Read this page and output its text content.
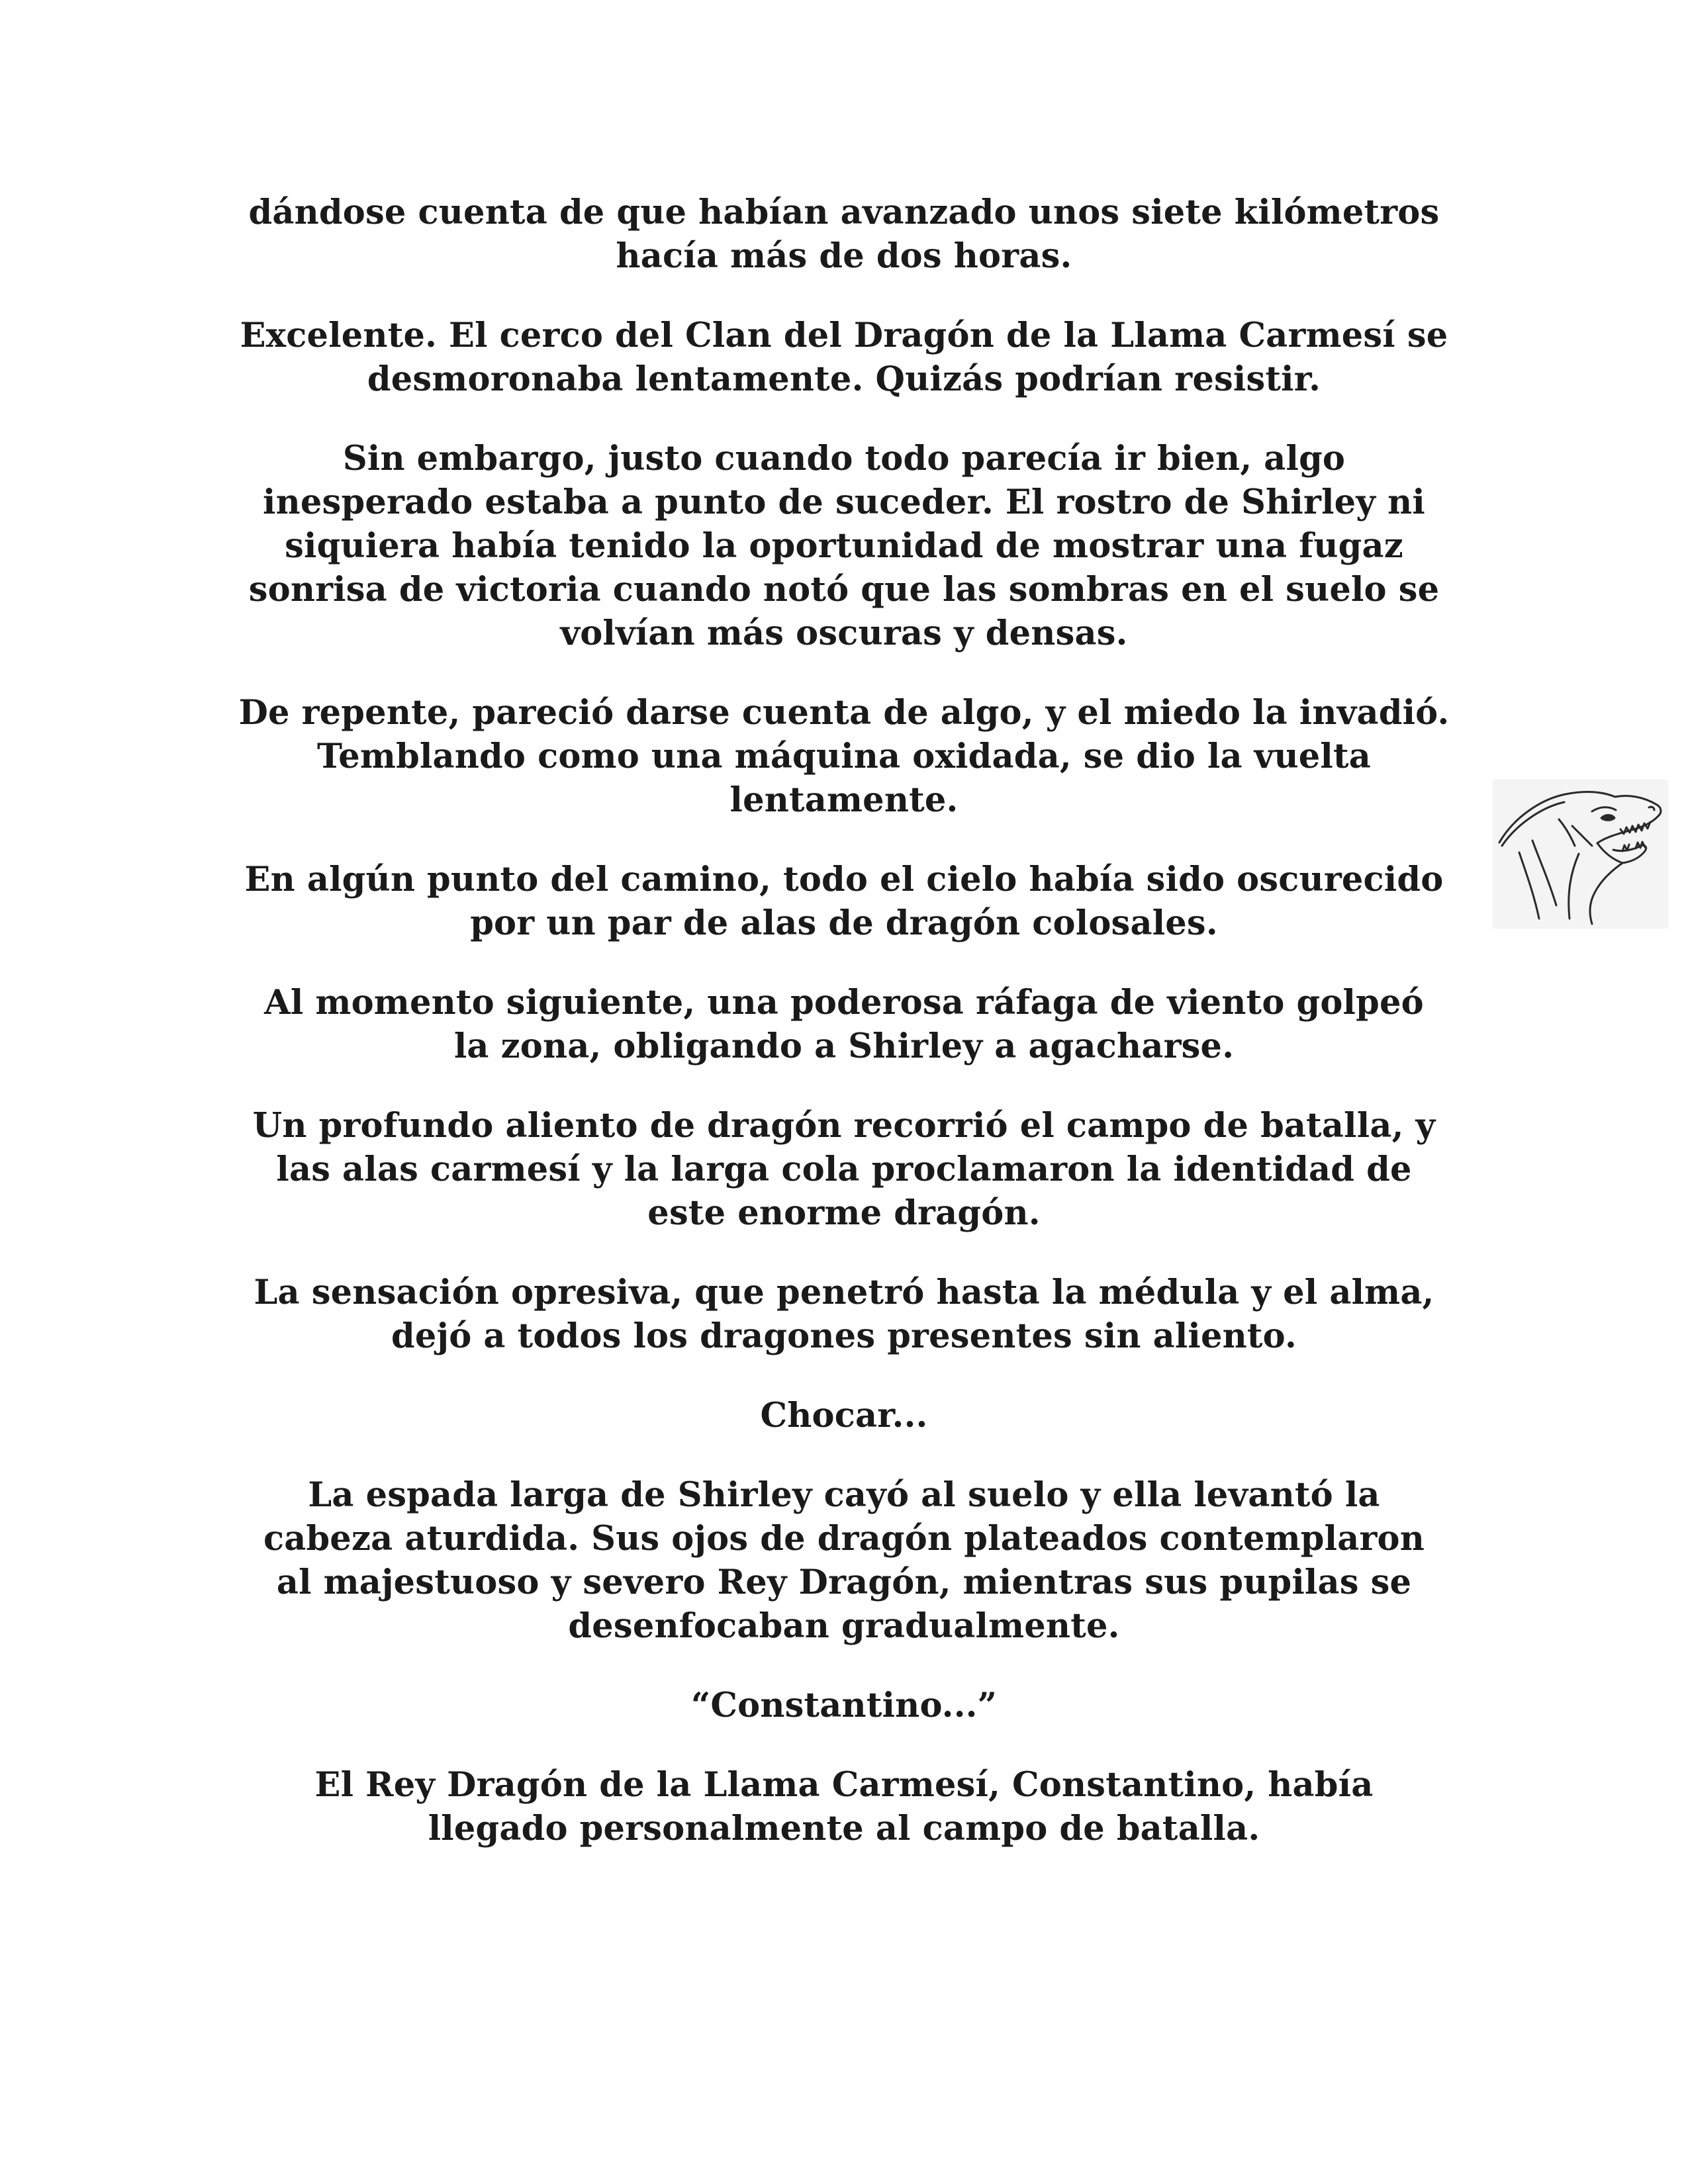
dándose cuenta de que habían avanzado unos siete kilómetros
hacía más de dos horas.

Excelente. El cerco del Clan del Dragón de la Llama Carmesí se
desmoronaba lentamente. Quizás podrían resistir.

Sin embargo, justo cuando todo parecía ir bien, algo
inesperado estaba a punto de suceder. El rostro de Shirley ni
siquiera había tenido la oportunidad de mostrar una fugaz
sonrisa de victoria cuando notó que las sombras en el suelo se
volvían más oscuras y densas.

De repente, pareció darse cuenta de algo, y el miedo la invadió.
Temblando como una máquina oxidada, se dio la vuelta
lentamente.

En algún punto del camino, todo el cielo había sido oscurecido
por un par de alas de dragón colosales.

Al momento siguiente, una poderosa ráfaga de viento golpeó
la zona, obligando a Shirley a agacharse.

Un profundo aliento de dragón recorrió el campo de batalla, y
las alas carmesí y la larga cola proclamaron la identidad de
este enorme dragón.

La sensación opresiva, que penetró hasta la médula y el alma,
dejó a todos los dragones presentes sin aliento.

Chocar...

La espada larga de Shirley cayó al suelo y ella levantó la
cabeza aturdida. Sus ojos de dragón plateados contemplaron
al majestuoso y severo Rey Dragón, mientras sus pupilas se
desenfocaban gradualmente.

“Constantino...”

El Rey Dragón de la Llama Carmesí, Constantino, había
llegado personalmente al campo de batalla.
